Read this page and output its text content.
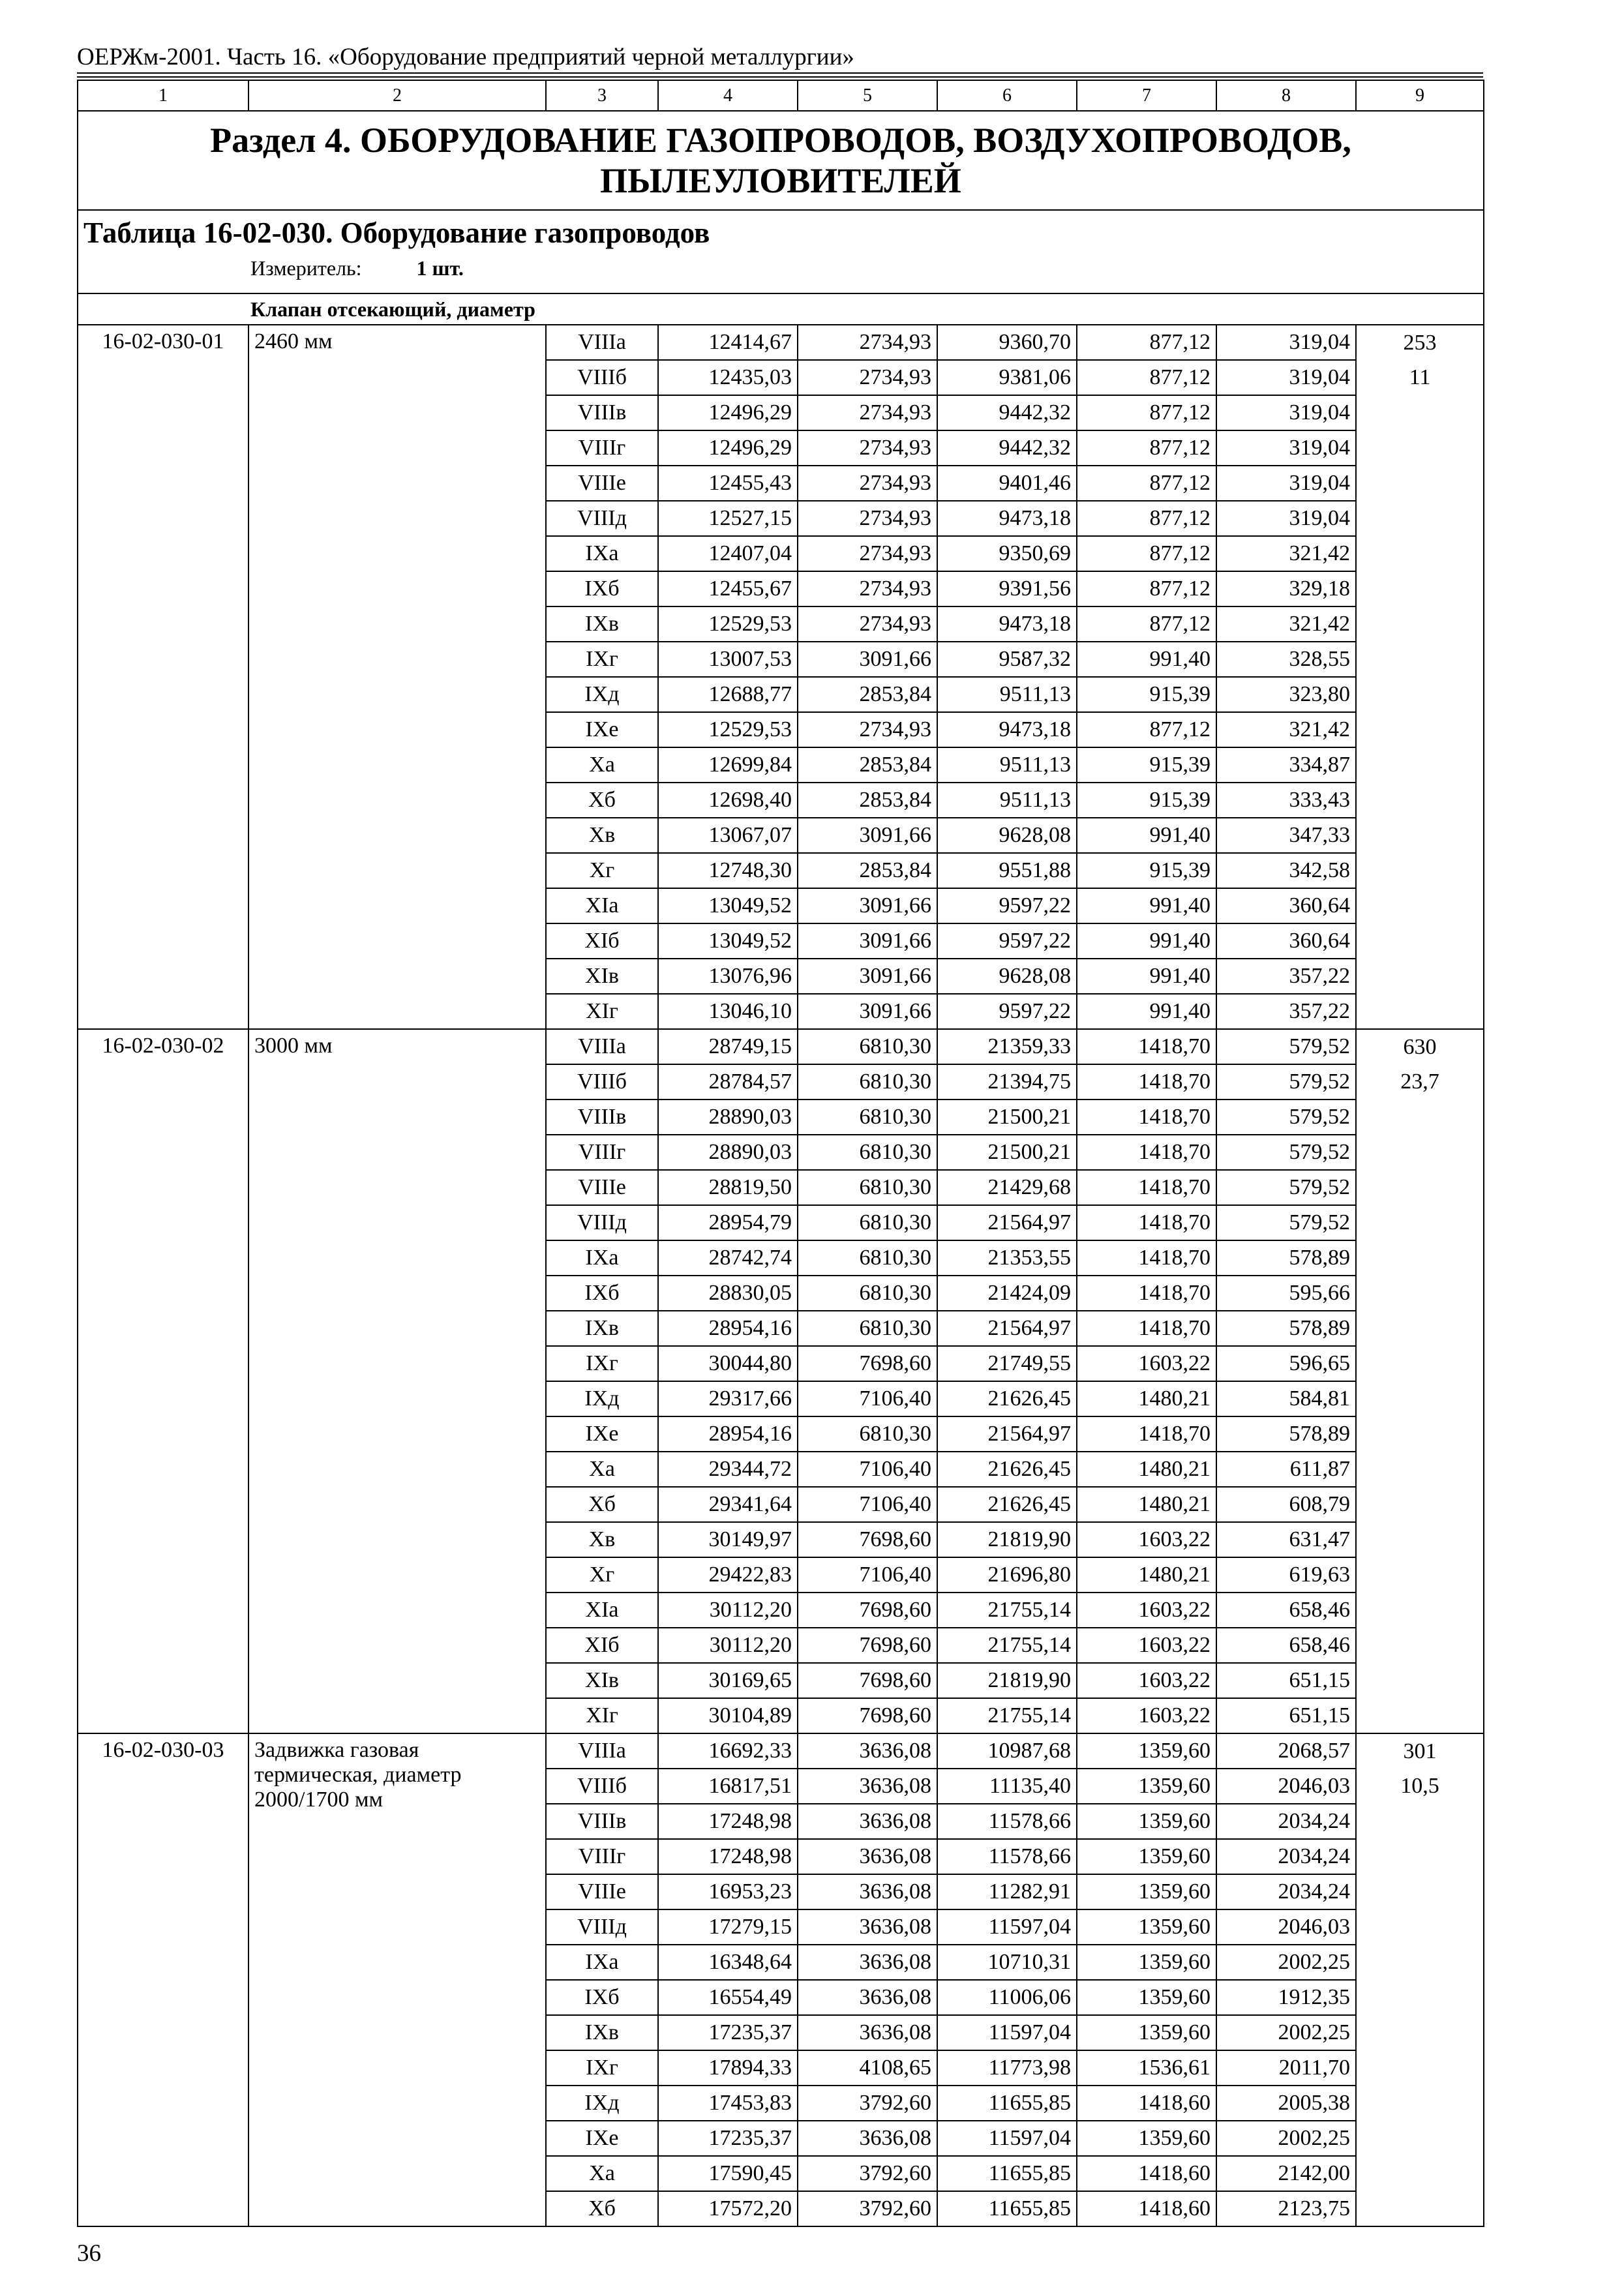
ОЕРЖм-2001. Часть 16. «Оборудование предприятий черной металлургии»
1	2	3	4	5	6	7	8	9
Раздел 4. ОБОРУДОВАНИЕ ГАЗОПРОВОДОВ, ВОЗДУХОПРОВОДОВ, ПЫЛЕУЛОВИТЕЛЕЙ								

Таблица 16-02-030. Оборудование газопроводов
Измеритель: 1 шт.								

Клапан отсекающий, диаметр								
16-02-030-01	2460 мм	VIIIа	12414,67	2734,93	9360,70	877,12	319,04	253
		VIIIб	12435,03	2734,93	9381,06	877,12	319,04	11
		VIIIв	12496,29	2734,93	9442,32	877,12	319,04	
		VIIIг	12496,29	2734,93	9442,32	877,12	319,04	
		VIIIе	12455,43	2734,93	9401,46	877,12	319,04	
		VIIIд	12527,15	2734,93	9473,18	877,12	319,04	
		IXа	12407,04	2734,93	9350,69	877,12	321,42	
		IXб	12455,67	2734,93	9391,56	877,12	329,18	
		IXв	12529,53	2734,93	9473,18	877,12	321,42	
		IXг	13007,53	3091,66	9587,32	991,40	328,55	
		IXд	12688,77	2853,84	9511,13	915,39	323,80	
		IXе	12529,53	2734,93	9473,18	877,12	321,42	
		Xа	12699,84	2853,84	9511,13	915,39	334,87	
		Xб	12698,40	2853,84	9511,13	915,39	333,43	
		Xв	13067,07	3091,66	9628,08	991,40	347,33	
		Xг	12748,30	2853,84	9551,88	915,39	342,58	
		XIа	13049,52	3091,66	9597,22	991,40	360,64	
		XIб	13049,52	3091,66	9597,22	991,40	360,64	
		XIв	13076,96	3091,66	9628,08	991,40	357,22	
		XIг	13046,10	3091,66	9597,22	991,40	357,22	
16-02-030-02	3000 мм	VIIIа	28749,15	6810,30	21359,33	1418,70	579,52	630
		VIIIб	28784,57	6810,30	21394,75	1418,70	579,52	23,7
		VIIIв	28890,03	6810,30	21500,21	1418,70	579,52	
		VIIIг	28890,03	6810,30	21500,21	1418,70	579,52	
		VIIIе	28819,50	6810,30	21429,68	1418,70	579,52	
		VIIIд	28954,79	6810,30	21564,97	1418,70	579,52	
		IXа	28742,74	6810,30	21353,55	1418,70	578,89	
		IXб	28830,05	6810,30	21424,09	1418,70	595,66	
		IXв	28954,16	6810,30	21564,97	1418,70	578,89	
		IXг	30044,80	7698,60	21749,55	1603,22	596,65	
		IXд	29317,66	7106,40	21626,45	1480,21	584,81	
		IXе	28954,16	6810,30	21564,97	1418,70	578,89	
		Xа	29344,72	7106,40	21626,45	1480,21	611,87	
		Xб	29341,64	7106,40	21626,45	1480,21	608,79	
		Xв	30149,97	7698,60	21819,90	1603,22	631,47	
		Xг	29422,83	7106,40	21696,80	1480,21	619,63	
		XIа	30112,20	7698,60	21755,14	1603,22	658,46	
		XIб	30112,20	7698,60	21755,14	1603,22	658,46	
		XIв	30169,65	7698,60	21819,90	1603,22	651,15	
		XIг	30104,89	7698,60	21755,14	1603,22	651,15	
16-02-030-03	Задвижка газовая термическая, диаметр 2000/1700 мм	VIIIа	16692,33	3636,08	10987,68	1359,60	2068,57	301
		VIIIб	16817,51	3636,08	11135,40	1359,60	2046,03	10,5
		VIIIв	17248,98	3636,08	11578,66	1359,60	2034,24	
		VIIIг	17248,98	3636,08	11578,66	1359,60	2034,24	
		VIIIе	16953,23	3636,08	11282,91	1359,60	2034,24	
		VIIIд	17279,15	3636,08	11597,04	1359,60	2046,03	
		IXа	16348,64	3636,08	10710,31	1359,60	2002,25	
		IXб	16554,49	3636,08	11006,06	1359,60	1912,35	
		IXв	17235,37	3636,08	11597,04	1359,60	2002,25	
		IXг	17894,33	4108,65	11773,98	1536,61	2011,70	
		IXд	17453,83	3792,60	11655,85	1418,60	2005,38	
		IXе	17235,37	3636,08	11597,04	1359,60	2002,25	
		Xа	17590,45	3792,60	11655,85	1418,60	2142,00	
		Xб	17572,20	3792,60	11655,85	1418,60	2123,75	
36
